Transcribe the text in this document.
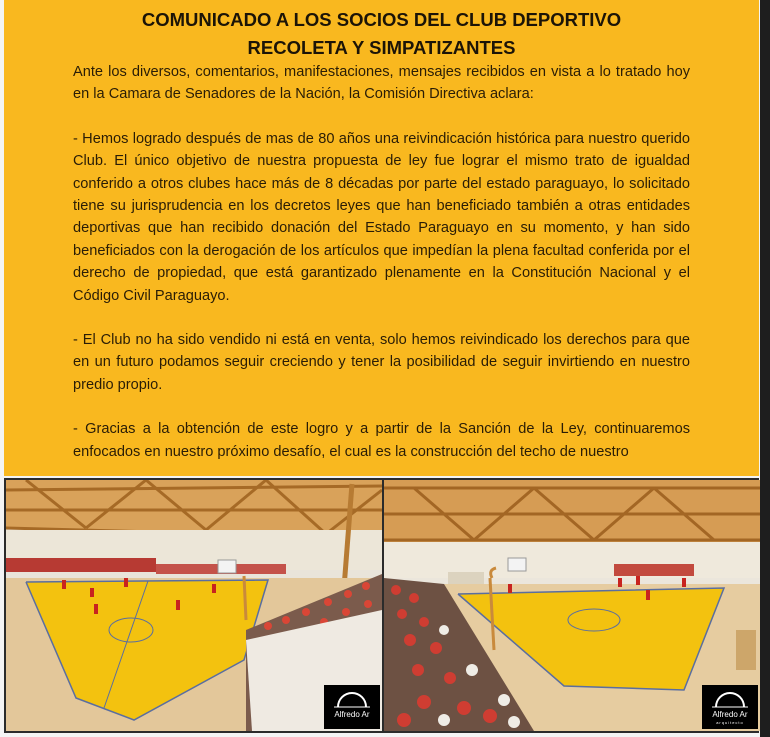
COMUNICADO A LOS SOCIOS DEL CLUB DEPORTIVO
RECOLETA Y SIMPATIZANTES

Ante los diversos, comentarios, manifestaciones, mensajes recibidos en vista a lo tratado hoy en la Camara de Senadores de la Nación, la Comisión Directiva aclara:

- Hemos logrado después de mas de 80 años una reivindicación histórica para nuestro querido Club. El único objetivo de nuestra propuesta de ley fue lograr el mismo trato de igualdad conferido a otros clubes hace más de 8 décadas por parte del estado paraguayo, lo solicitado tiene su jurisprudencia en los decretos leyes que han beneficiado también a otras entidades deportivas que han recibido donación del Estado Paraguayo en su momento, y han sido beneficiados con la derogación de los artículos que impedían la plena facultad conferida por el derecho de propiedad, que está garantizado plenamente en la Constitución Nacional y el Código Civil Paraguayo.

- El Club no ha sido vendido ni está en venta, solo hemos reivindicado los derechos para que en un futuro podamos seguir creciendo y tener la posibilidad de seguir invirtiendo en nuestro predio propio.

- Gracias a la obtención de este logro y a partir de la Sanción de la Ley, continuaremos enfocados en nuestro próximo desafío, el cual es la construcción del techo de nuestro

Alfredo Ar	Alfredo Ar
arquitecto
